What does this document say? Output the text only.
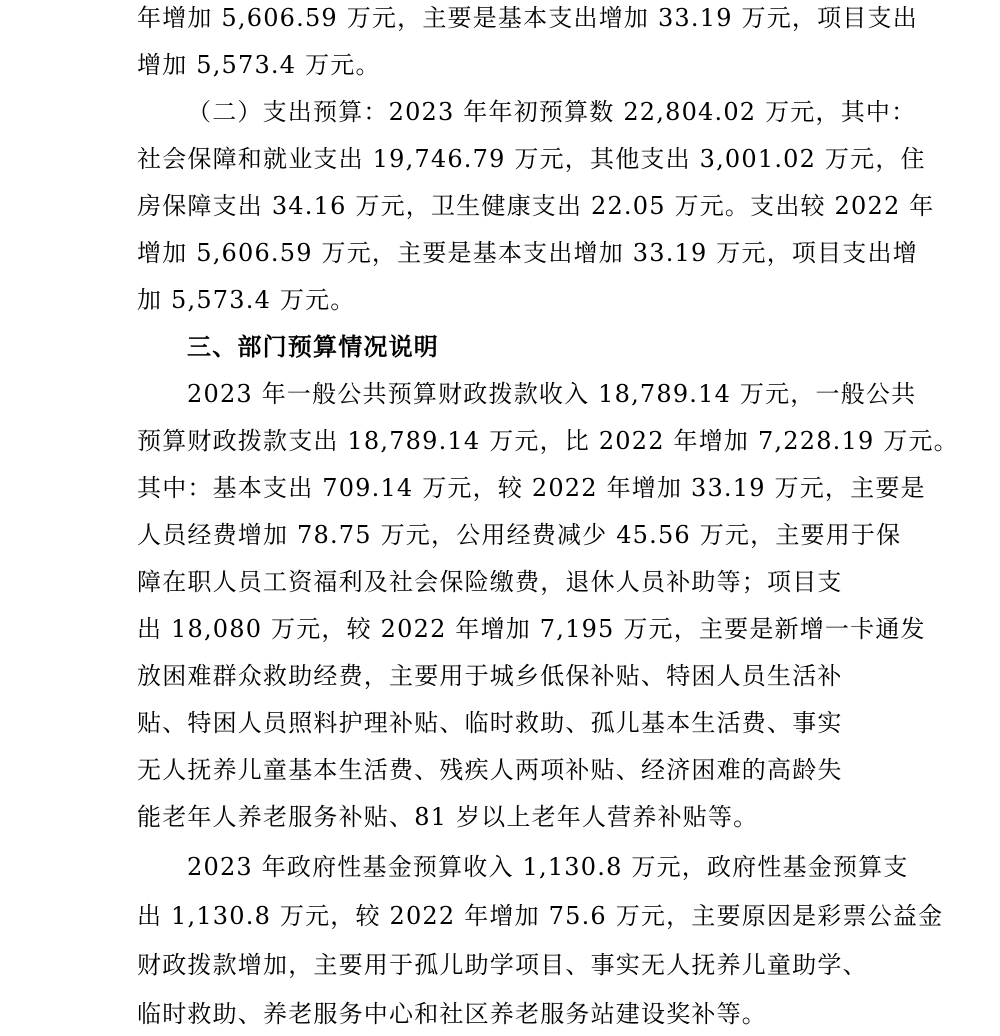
年增加 5,606.59 万元，主要是基本支出增加 33.19 万元，项目支出
增加 5,573.4 万元。
（二）支出预算：2023 年年初预算数 22,804.02 万元，其中：
社会保障和就业支出 19,746.79 万元，其他支出 3,001.02 万元，住
房保障支出 34.16 万元，卫生健康支出 22.05 万元。支出较 2022 年
增加 5,606.59 万元，主要是基本支出增加 33.19 万元，项目支出增
加 5,573.4 万元。
三、部门预算情况说明
2023 年一般公共预算财政拨款收入 18,789.14 万元，一般公共
预算财政拨款支出 18,789.14 万元，比 2022 年增加 7,228.19 万元。
其中：基本支出 709.14 万元，较 2022 年增加 33.19 万元，主要是
人员经费增加 78.75 万元，公用经费减少 45.56 万元，主要用于保
障在职人员工资福利及社会保险缴费，退休人员补助等；项目支
出 18,080 万元，较 2022 年增加 7,195 万元，主要是新增一卡通发
放困难群众救助经费，主要用于城乡低保补贴、特困人员生活补
贴、特困人员照料护理补贴、临时救助、孤儿基本生活费、事实
无人抚养儿童基本生活费、残疾人两项补贴、经济困难的高龄失
能老年人养老服务补贴、81 岁以上老年人营养补贴等。
2023 年政府性基金预算收入 1,130.8 万元，政府性基金预算支
出 1,130.8 万元，较 2022 年增加 75.6 万元，主要原因是彩票公益金
财政拨款增加，主要用于孤儿助学项目、事实无人抚养儿童助学、
临时救助、养老服务中心和社区养老服务站建设奖补等。
